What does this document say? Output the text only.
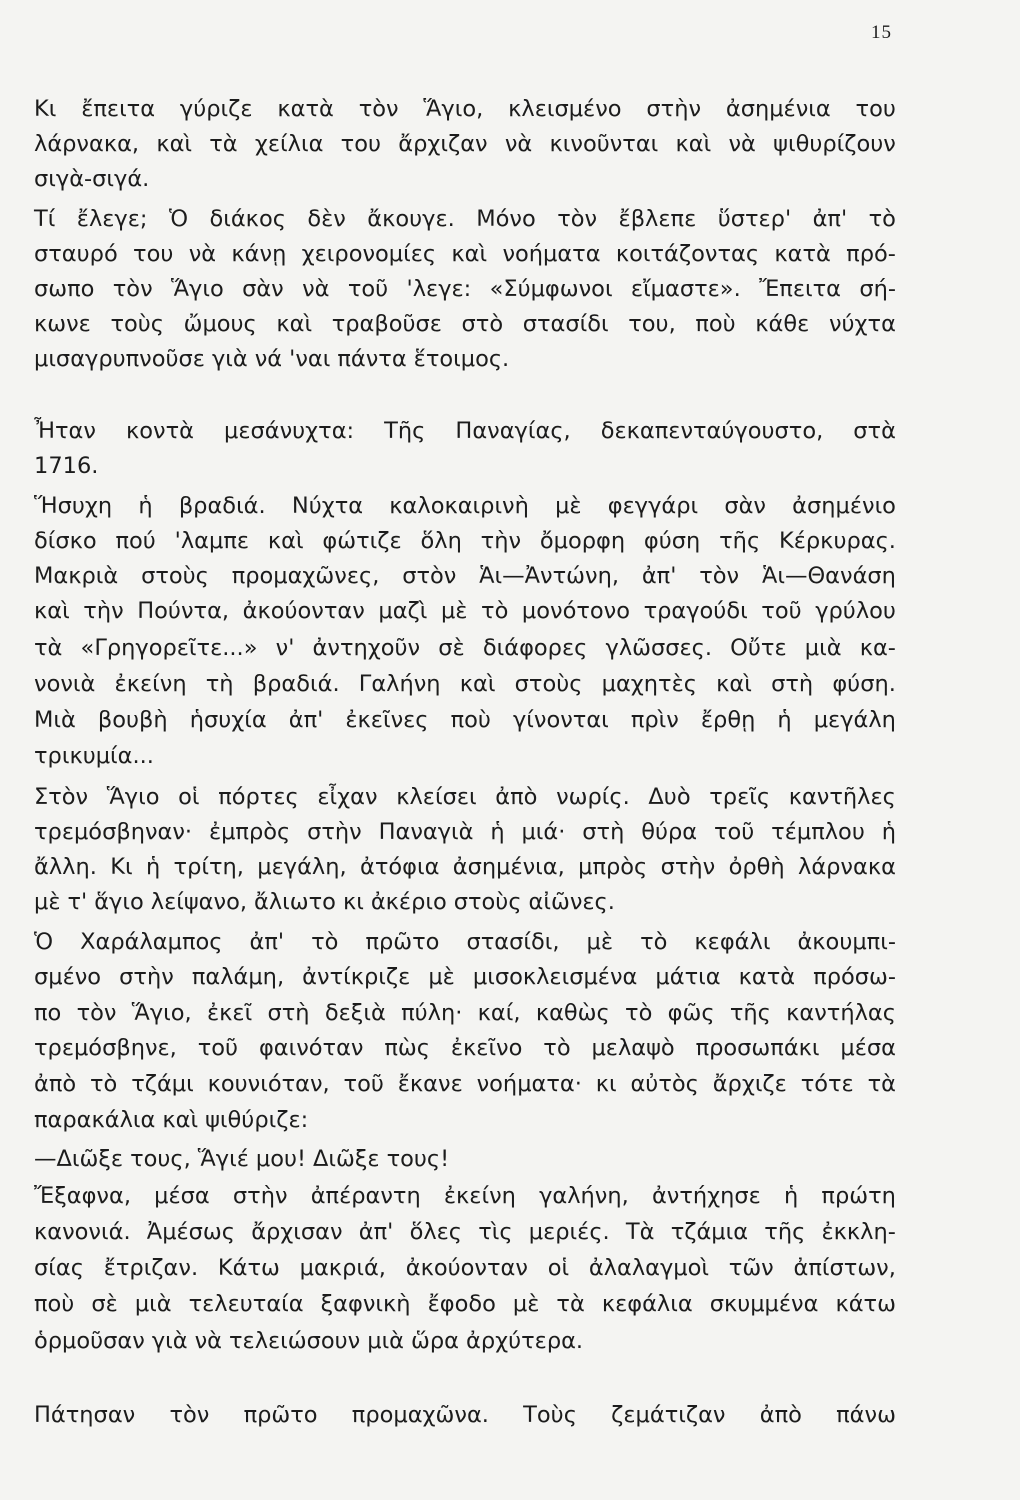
15
Κι ἔπειτα γύριζε κατὰ τὸν Ἅγιο, κλεισμένο στὴν ἀσημένια του
λάρνακα, καὶ τὰ χείλια του ἄρχιζαν νὰ κινοῦνται καὶ νὰ ψιθυρίζουν
σιγὰ-σιγά.
Τί ἔλεγε; Ὁ διάκος δὲν ἄκουγε. Μόνο τὸν ἔβλεπε ὕστερ' ἀπ' τὸ
σταυρό του νὰ κάνῃ χειρονομίες καὶ νοήματα κοιτάζοντας κατὰ πρό-
σωπο τὸν Ἅγιο σὰν νὰ τοῦ 'λεγε: «Σύμφωνοι εἴμαστε». Ἔπειτα σή-
κωνε τοὺς ὤμους καὶ τραβοῦσε στὸ στασίδι του, ποὺ κάθε νύχτα
μισαγρυπνοῦσε γιὰ νά 'ναι πάντα ἕτοιμος.
Ἦταν κοντὰ μεσάνυχτα: Τῆς Παναγίας, δεκαπενταύγουστο, στὰ
1716.
Ἥσυχη ἡ βραδιά. Νύχτα καλοκαιρινὴ μὲ φεγγάρι σὰν ἀσημένιο
δίσκο πού 'λαμπε καὶ φώτιζε ὅλη τὴν ὄμορφη φύση τῆς Κέρκυρας.
Μακριὰ στοὺς προμαχῶνες, στὸν Ἁι—Ἀντώνη, ἀπ' τὸν Ἁι—Θανάση
καὶ τὴν Πούντα, ἀκούονταν μαζὶ μὲ τὸ μονότονο τραγούδι τοῦ γρύλου
τὰ «Γρηγορεῖτε...» ν' ἀντηχοῦν σὲ διάφορες γλῶσσες. Οὔτε μιὰ κα-
νονιὰ ἐκείνη τὴ βραδιά. Γαλήνη καὶ στοὺς μαχητὲς καὶ στὴ φύση.
Μιὰ βουβὴ ἡσυχία ἀπ' ἐκεῖνες ποὺ γίνονται πρὶν ἔρθῃ ἡ μεγάλη
τρικυμία...
Στὸν Ἅγιο οἱ πόρτες εἶχαν κλείσει ἀπὸ νωρίς. Δυὸ τρεῖς καντῆλες
τρεμόσβηναν· ἐμπρὸς στὴν Παναγιὰ ἡ μιά· στὴ θύρα τοῦ τέμπλου ἡ
ἄλλη. Κι ἡ τρίτη, μεγάλη, ἀτόφια ἀσημένια, μπρὸς στὴν ὀρθὴ λάρνακα
μὲ τ' ἅγιο λείψανο, ἄλιωτο κι ἀκέριο στοὺς αἰῶνες.
Ὁ Χαράλαμπος ἀπ' τὸ πρῶτο στασίδι, μὲ τὸ κεφάλι ἀκουμπι-
σμένο στὴν παλάμη, ἀντίκριζε μὲ μισοκλεισμένα μάτια κατὰ πρόσω-
πο τὸν Ἅγιο, ἐκεῖ στὴ δεξιὰ πύλη· καί, καθὼς τὸ φῶς τῆς καντήλας
τρεμόσβηνε, τοῦ φαινόταν πὼς ἐκεῖνο τὸ μελαψὸ προσωπάκι μέσα
ἀπὸ τὸ τζάμι κουνιόταν, τοῦ ἔκανε νοήματα· κι αὐτὸς ἄρχιζε τότε τὰ
παρακάλια καὶ ψιθύριζε:
—Διῶξε τους, Ἅγιέ μου! Διῶξε τους!
Ἔξαφνα, μέσα στὴν ἀπέραντη ἐκείνη γαλήνη, ἀντήχησε ἡ πρώτη
κανονιά. Ἀμέσως ἄρχισαν ἀπ' ὅλες τὶς μεριές. Τὰ τζάμια τῆς ἐκκλη-
σίας ἔτριζαν. Κάτω μακριά, ἀκούονταν οἱ ἀλαλαγμοὶ τῶν ἀπίστων,
ποὺ σὲ μιὰ τελευταία ξαφνικὴ ἔφοδο μὲ τὰ κεφάλια σκυμμένα κάτω
ὁρμοῦσαν γιὰ νὰ τελειώσουν μιὰ ὥρα ἀρχύτερα.
Πάτησαν τὸν πρῶτο προμαχῶνα. Τοὺς ζεμάτιζαν ἀπὸ πάνω
